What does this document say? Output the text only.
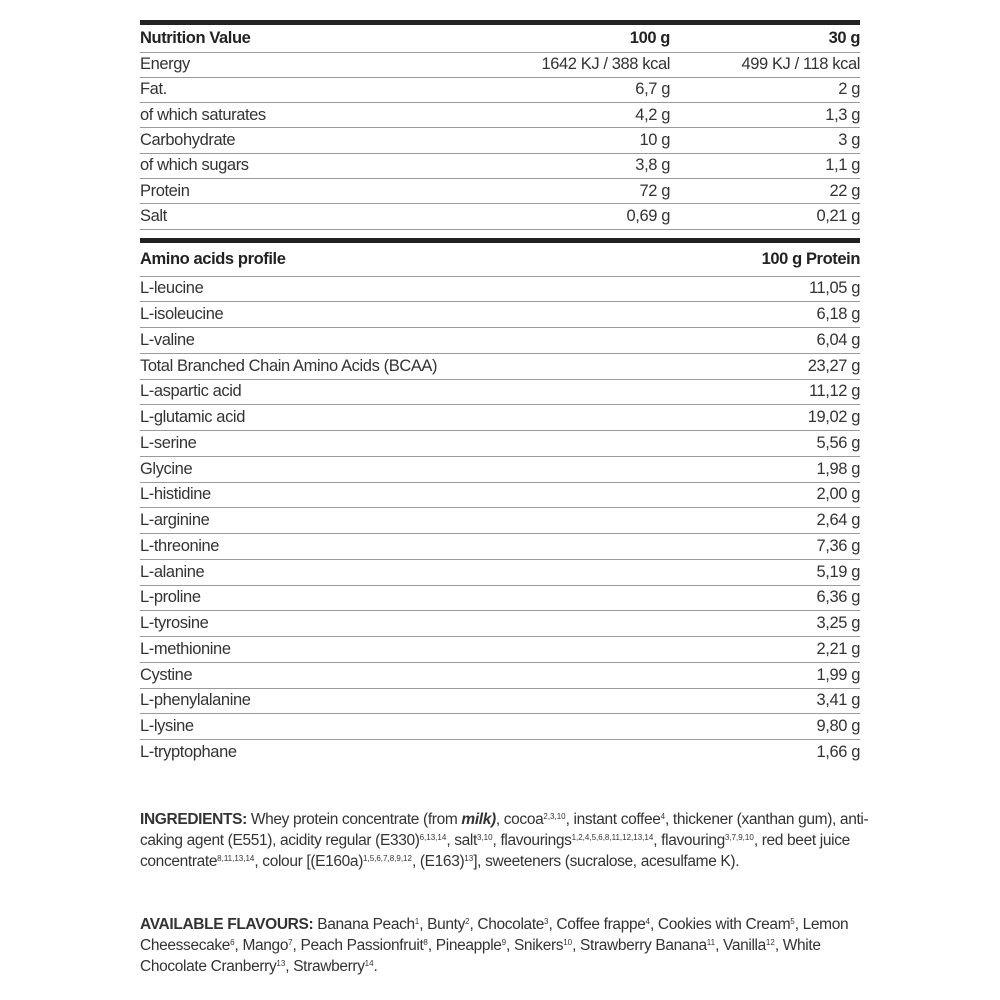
Nutrition Value	100 g	30 g
Energy	1642 KJ / 388 kcal	499 KJ / 118 kcal
Fat.	6,7 g	2 g
of which saturates	4,2 g	1,3 g
Carbohydrate	10 g	3 g
of which sugars	3,8 g	1,1 g
Protein	72 g	22 g
Salt	0,69 g	0,21 g
Amino acids profile	100 g Protein
L-leucine	11,05 g
L-isoleucine	6,18 g
L-valine	6,04 g
Total Branched Chain Amino Acids (BCAA)	23,27 g
L-aspartic acid	11,12 g
L-glutamic acid	19,02 g
L-serine	5,56 g
Glycine	1,98 g
L-histidine	2,00 g
L-arginine	2,64 g
L-threonine	7,36 g
L-alanine	5,19 g
L-proline	6,36 g
L-tyrosine	3,25 g
L-methionine	2,21 g
Cystine	1,99 g
L-phenylalanine	3,41 g
L-lysine	9,80 g
L-tryptophane	1,66 g
INGREDIENTS: Whey protein concentrate (from milk), cocoa$^{2,3,10}$, instant coffee$^4$, thickener (xanthan gum), anti-caking agent (E551), acidity regular $(E330)^{6,13,14}$, salt$^{3,10}$, flavourings$^{1,2,4,5,6,8,11,12,13,14}$, flavouring$^{3,7,9,10}$, red beet juice concentrate$^{8,11,13,14}$, colour [$(E160a)^{1,5,6,7,8,9,12}$, $(E163)^{13}$], sweeteners (sucralose, acesulfame K).
AVAILABLE FLAVOURS: Banana Peach$^1$, Bunty$^2$, Chocolate$^3$, Coffee frappe$^4$, Cookies with Cream$^5$, Lemon Cheessecake$^6$, Mango$^7$, Peach Passionfruit$^8$, Pineapple$^9$, Snikers$^{10}$, Strawberry Banana$^{11}$, Vanilla$^{12}$, White Chocolate Cranberry$^{13}$, Strawberry$^{14}$.
